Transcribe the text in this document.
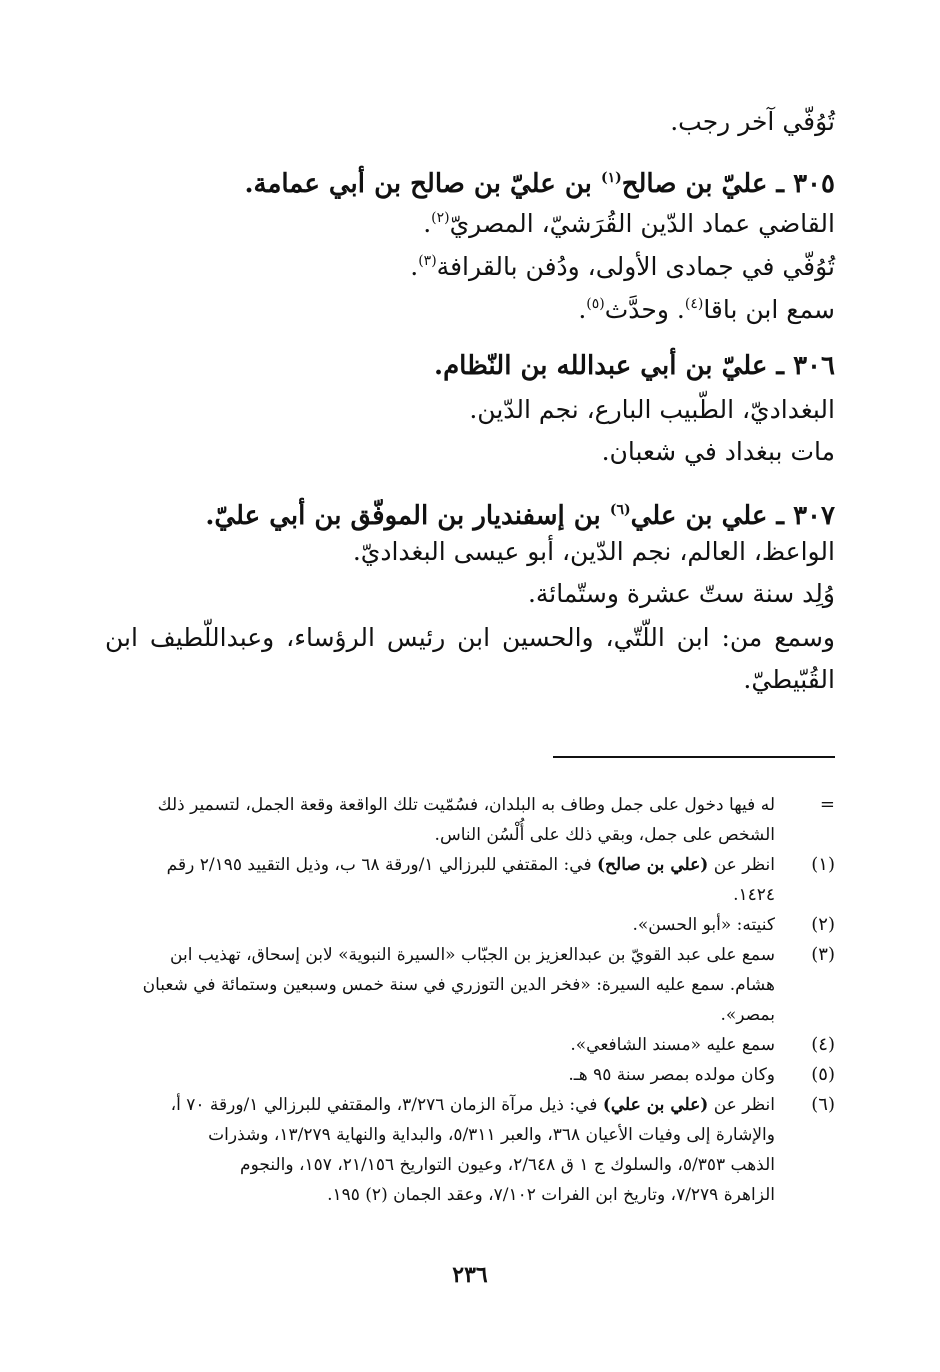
تُوُفّي آخر رجب.
٣٠٥ ـ عليّ بن صالح$^{(١)}$ بن عليّ بن صالح بن أبي عمامة.
القاضي عماد الدّين القُرَشيّ، المصريّ$^{(٢)}$.
تُوُفّي في جمادى الأولى، ودُفن بالقرافة$^{(٣)}$.
سمع ابن باقا$^{(٤)}$. وحدَّث$^{(٥)}$.
٣٠٦ ـ عليّ بن أبي عبدالله بن النّظام.
البغداديّ، الطّبيب البارع، نجم الدّين.
مات ببغداد في شعبان.
٣٠٧ ـ علي بن علي$^{(٦)}$ بن إسفنديار بن الموفّق بن أبي عليّ.
الواعظ، العالم، نجم الدّين، أبو عيسى البغداديّ.
وُلِد سنة ستّ عشرة وستّمائة.
وسمع من: ابن اللّتّي، والحسين ابن رئيس الرؤساء، وعبداللّطيف ابن
القُبّيطيّ.
=
له فيها دخول على جمل وطاف به البلدان، فسُمّيت تلك الواقعة وقعة الجمل، لتسمير ذلك
الشخص على جمل، وبقي ذلك على أُلْسُن الناس.
(١)
انظر عن (علي بن صالح) في: المقتفي للبرزالي ١/ورقة ٦٨ ب، وذيل التقييد ٢/١٩٥ رقم
١٤٢٤.
(٢)
كنيته: «أبو الحسن».
(٣)
سمع على عبد القويّ بن عبدالعزيز بن الجبّاب «السيرة النبوية» لابن إسحاق، تهذيب ابن
هشام. سمع عليه السيرة: «فخر الدين التوزري في سنة خمس وسبعين وستمائة في شعبان
بمصر».
(٤)
سمع عليه «مسند الشافعي».
(٥)
وكان مولده بمصر سنة ٩٥ هـ.
(٦)
انظر عن (علي بن علي) في: ذيل مرآة الزمان ٣/٢٧٦، والمقتفي للبرزالي ١/ورقة ٧٠ أ،
والإشارة إلى وفيات الأعيان ٣٦٨، والعبر ٥/٣١١، والبداية والنهاية ١٣/٢٧٩، وشذرات
الذهب ٥/٣٥٣، والسلوك ج ١ ق ٢/٦٤٨، وعيون التواريخ ٢١/١٥٦، ١٥٧، والنجوم
الزاهرة ٧/٢٧٩، وتاريخ ابن الفرات ٧/١٠٢، وعقد الجمان (٢) ١٩٥.
٢٣٦
